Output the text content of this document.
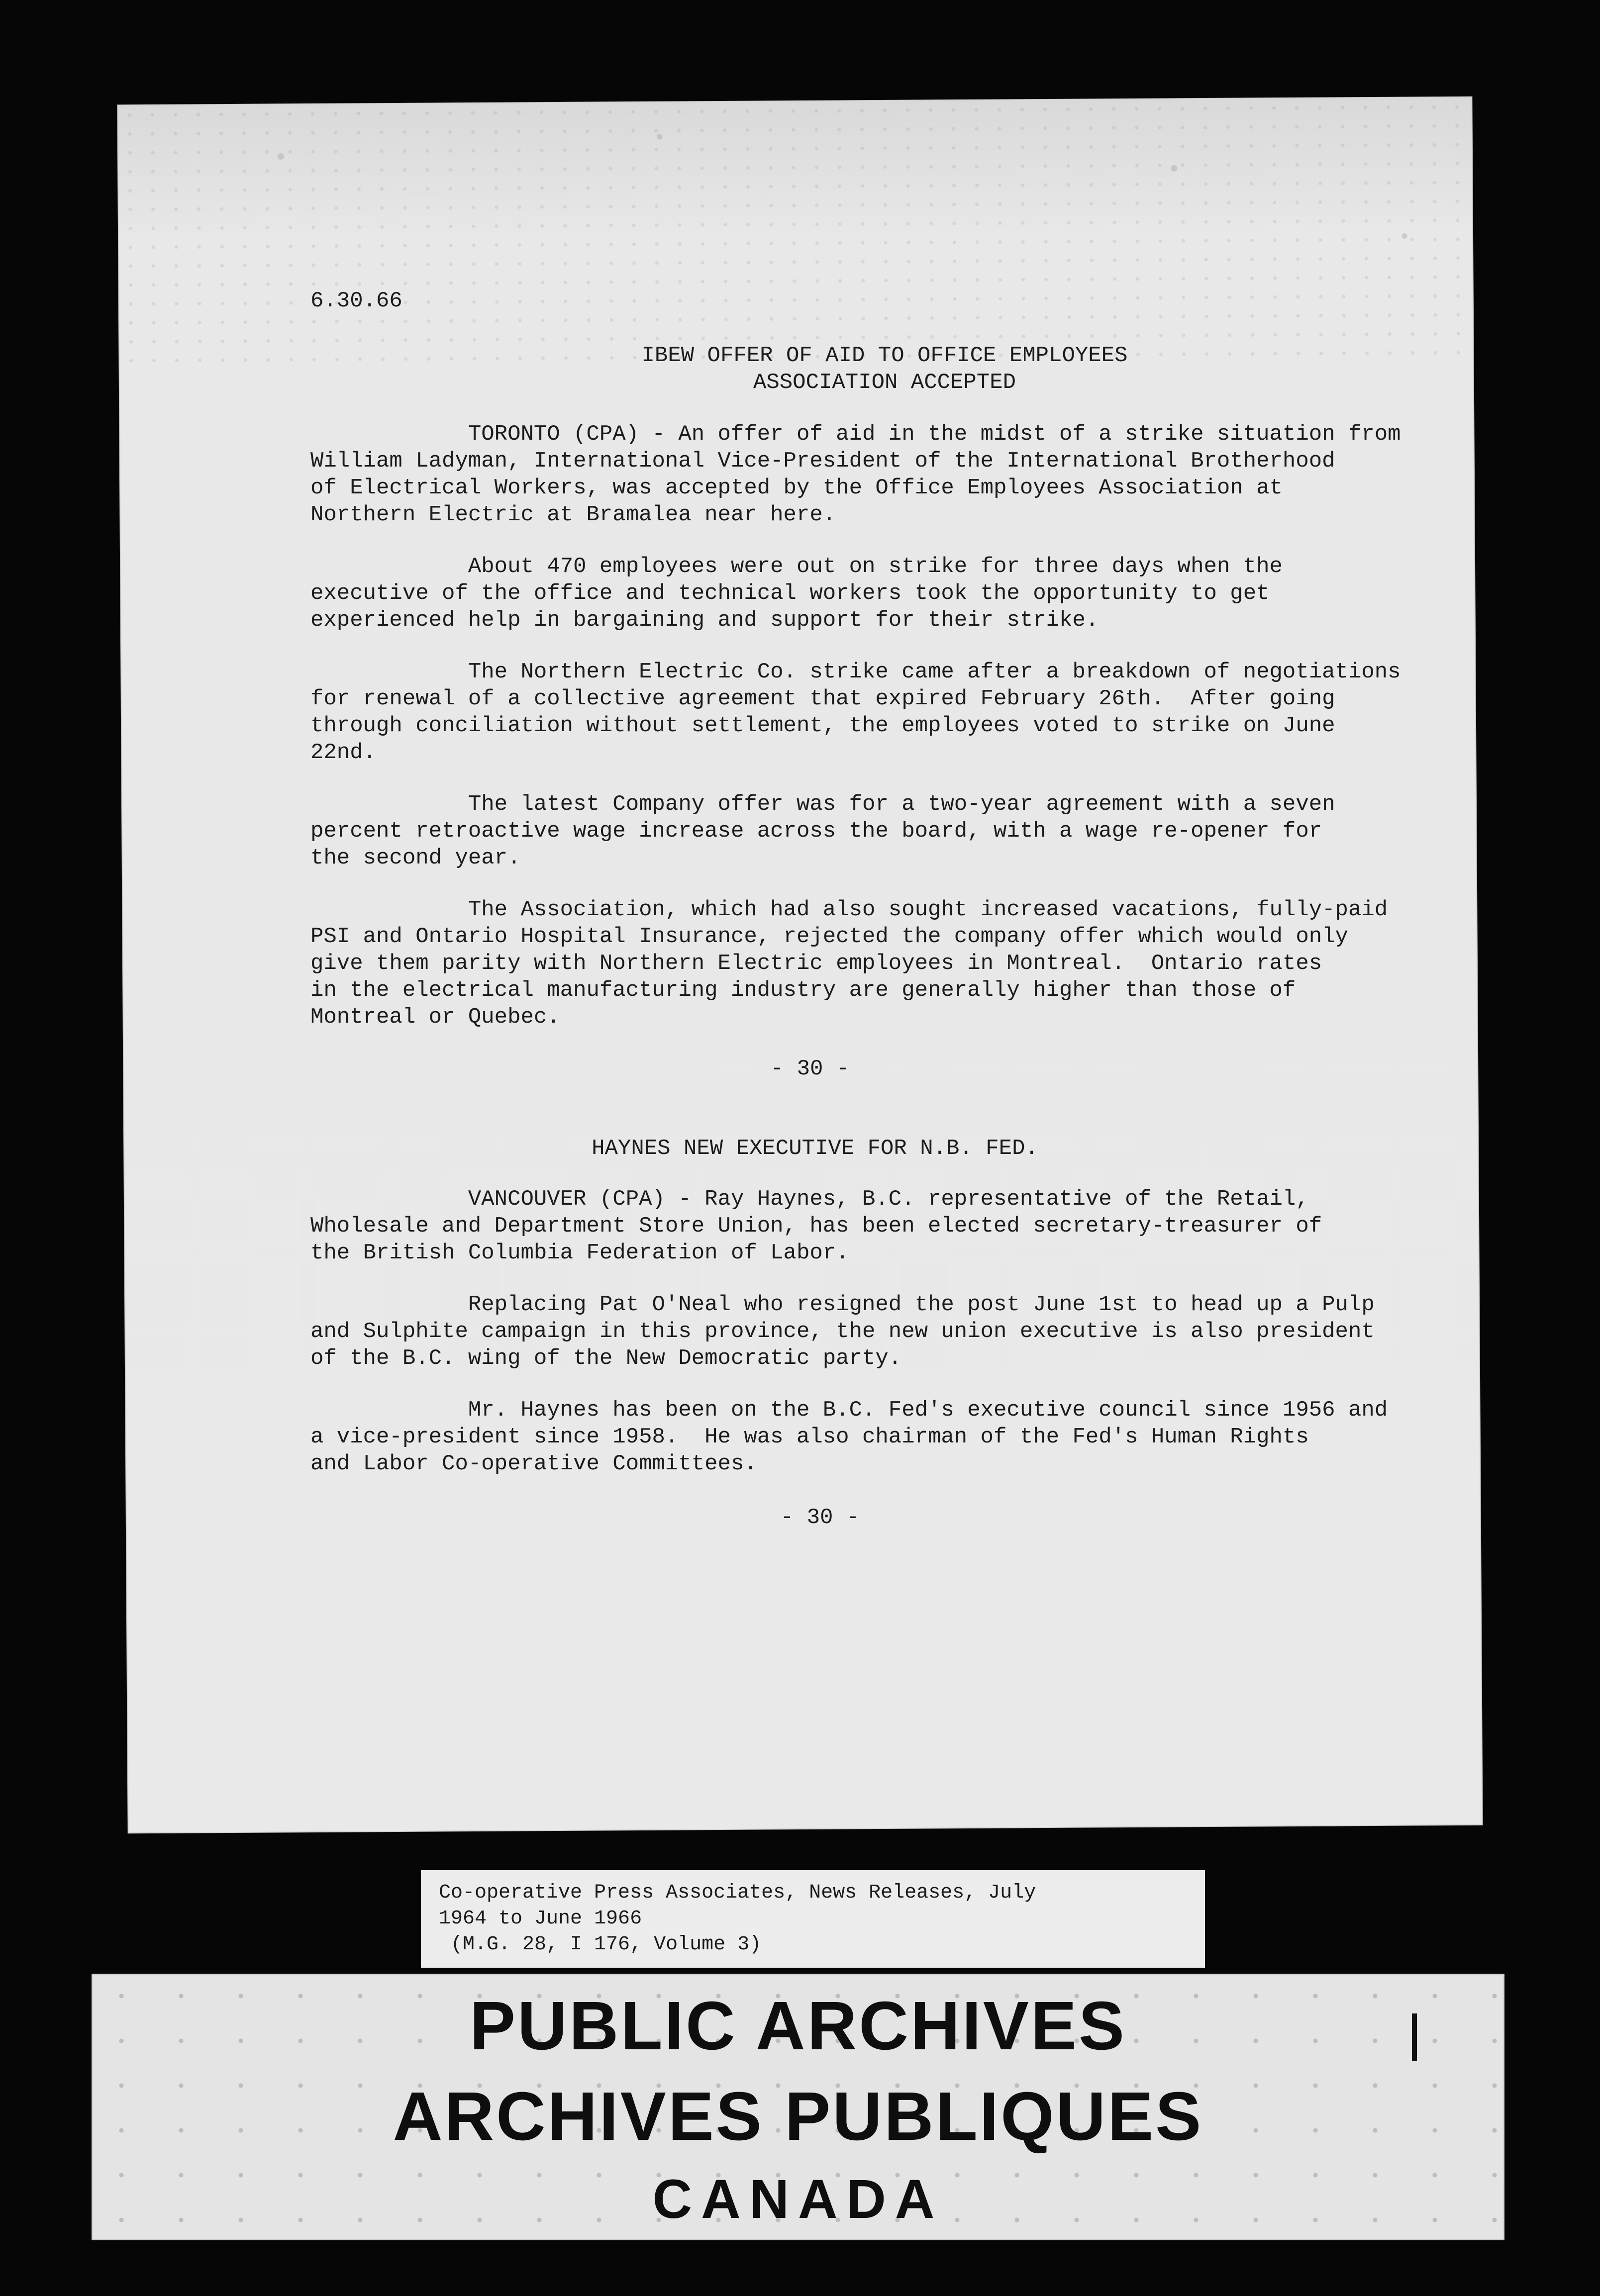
6.30.66
IBEW OFFER OF AID TO OFFICE EMPLOYEES
ASSOCIATION ACCEPTED
TORONTO (CPA) - An offer of aid in the midst of a strike situation from
William Ladyman, International Vice-President of the International Brotherhood
of Electrical Workers, was accepted by the Office Employees Association at
Northern Electric at Bramalea near here.
About 470 employees were out on strike for three days when the
executive of the office and technical workers took the opportunity to get
experienced help in bargaining and support for their strike.
The Northern Electric Co. strike came after a breakdown of negotiations
for renewal of a collective agreement that expired February 26th.  After going
through conciliation without settlement, the employees voted to strike on June
22nd.
The latest Company offer was for a two-year agreement with a seven
percent retroactive wage increase across the board, with a wage re-opener for
the second year.
The Association, which had also sought increased vacations, fully-paid
PSI and Ontario Hospital Insurance, rejected the company offer which would only
give them parity with Northern Electric employees in Montreal.  Ontario rates
in the electrical manufacturing industry are generally higher than those of
Montreal or Quebec.
- 30 -
HAYNES NEW EXECUTIVE FOR N.B. FED.
VANCOUVER (CPA) - Ray Haynes, B.C. representative of the Retail,
Wholesale and Department Store Union, has been elected secretary-treasurer of
the British Columbia Federation of Labor.
Replacing Pat O'Neal who resigned the post June 1st to head up a Pulp
and Sulphite campaign in this province, the new union executive is also president
of the B.C. wing of the New Democratic party.
Mr. Haynes has been on the B.C. Fed's executive council since 1956 and
a vice-president since 1958.  He was also chairman of the Fed's Human Rights
and Labor Co-operative Committees.
- 30 -
Co-operative Press Associates, News Releases, July
1964 to June 1966
(M.G. 28, I 176, Volume 3)
PUBLIC ARCHIVES
ARCHIVES PUBLIQUES
CANADA
